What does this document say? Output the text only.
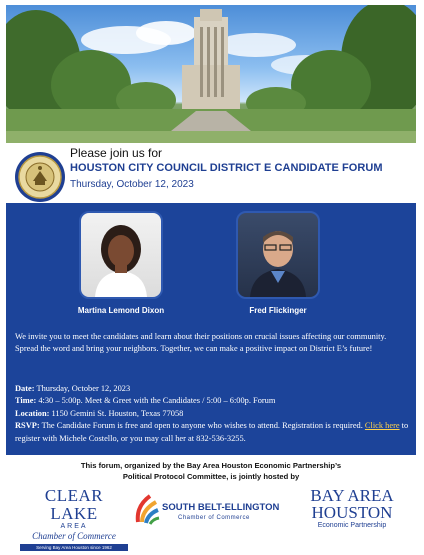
Please join us for
HOUSTON CITY COUNCIL DISTRICT E CANDIDATE FORUM
Thursday, October 12, 2023
Martina Lemond Dixon	Fred Flickinger
We invite you to meet the candidates and learn about their positions on crucial issues affecting our community. Spread the word and bring your neighbors. Together, we can make a positive impact on District E’s future!
Date: Thursday, October 12, 2023
Time: 4:30 – 5:00p. Meet & Greet with the Candidates / 5:00 – 6:00p. Forum
Location: 1150 Gemini St. Houston, Texas 77058
RSVP: The Candidate Forum is free and open to anyone who wishes to attend. Registration is required. Click here to register with Michele Costello, or you may call her at 832-536-3255.
This forum, organized by the Bay Area Houston Economic Partnership’s
Political Protocol Committee, is jointly hosted by
CLEAR LAKE
AREA
Chamber of Commerce
Serving Bay Area Houston since 1962
SOUTH BELT-ELLINGTON
Chamber of Commerce
BAY AREA
HOUSTON
Economic Partnership
